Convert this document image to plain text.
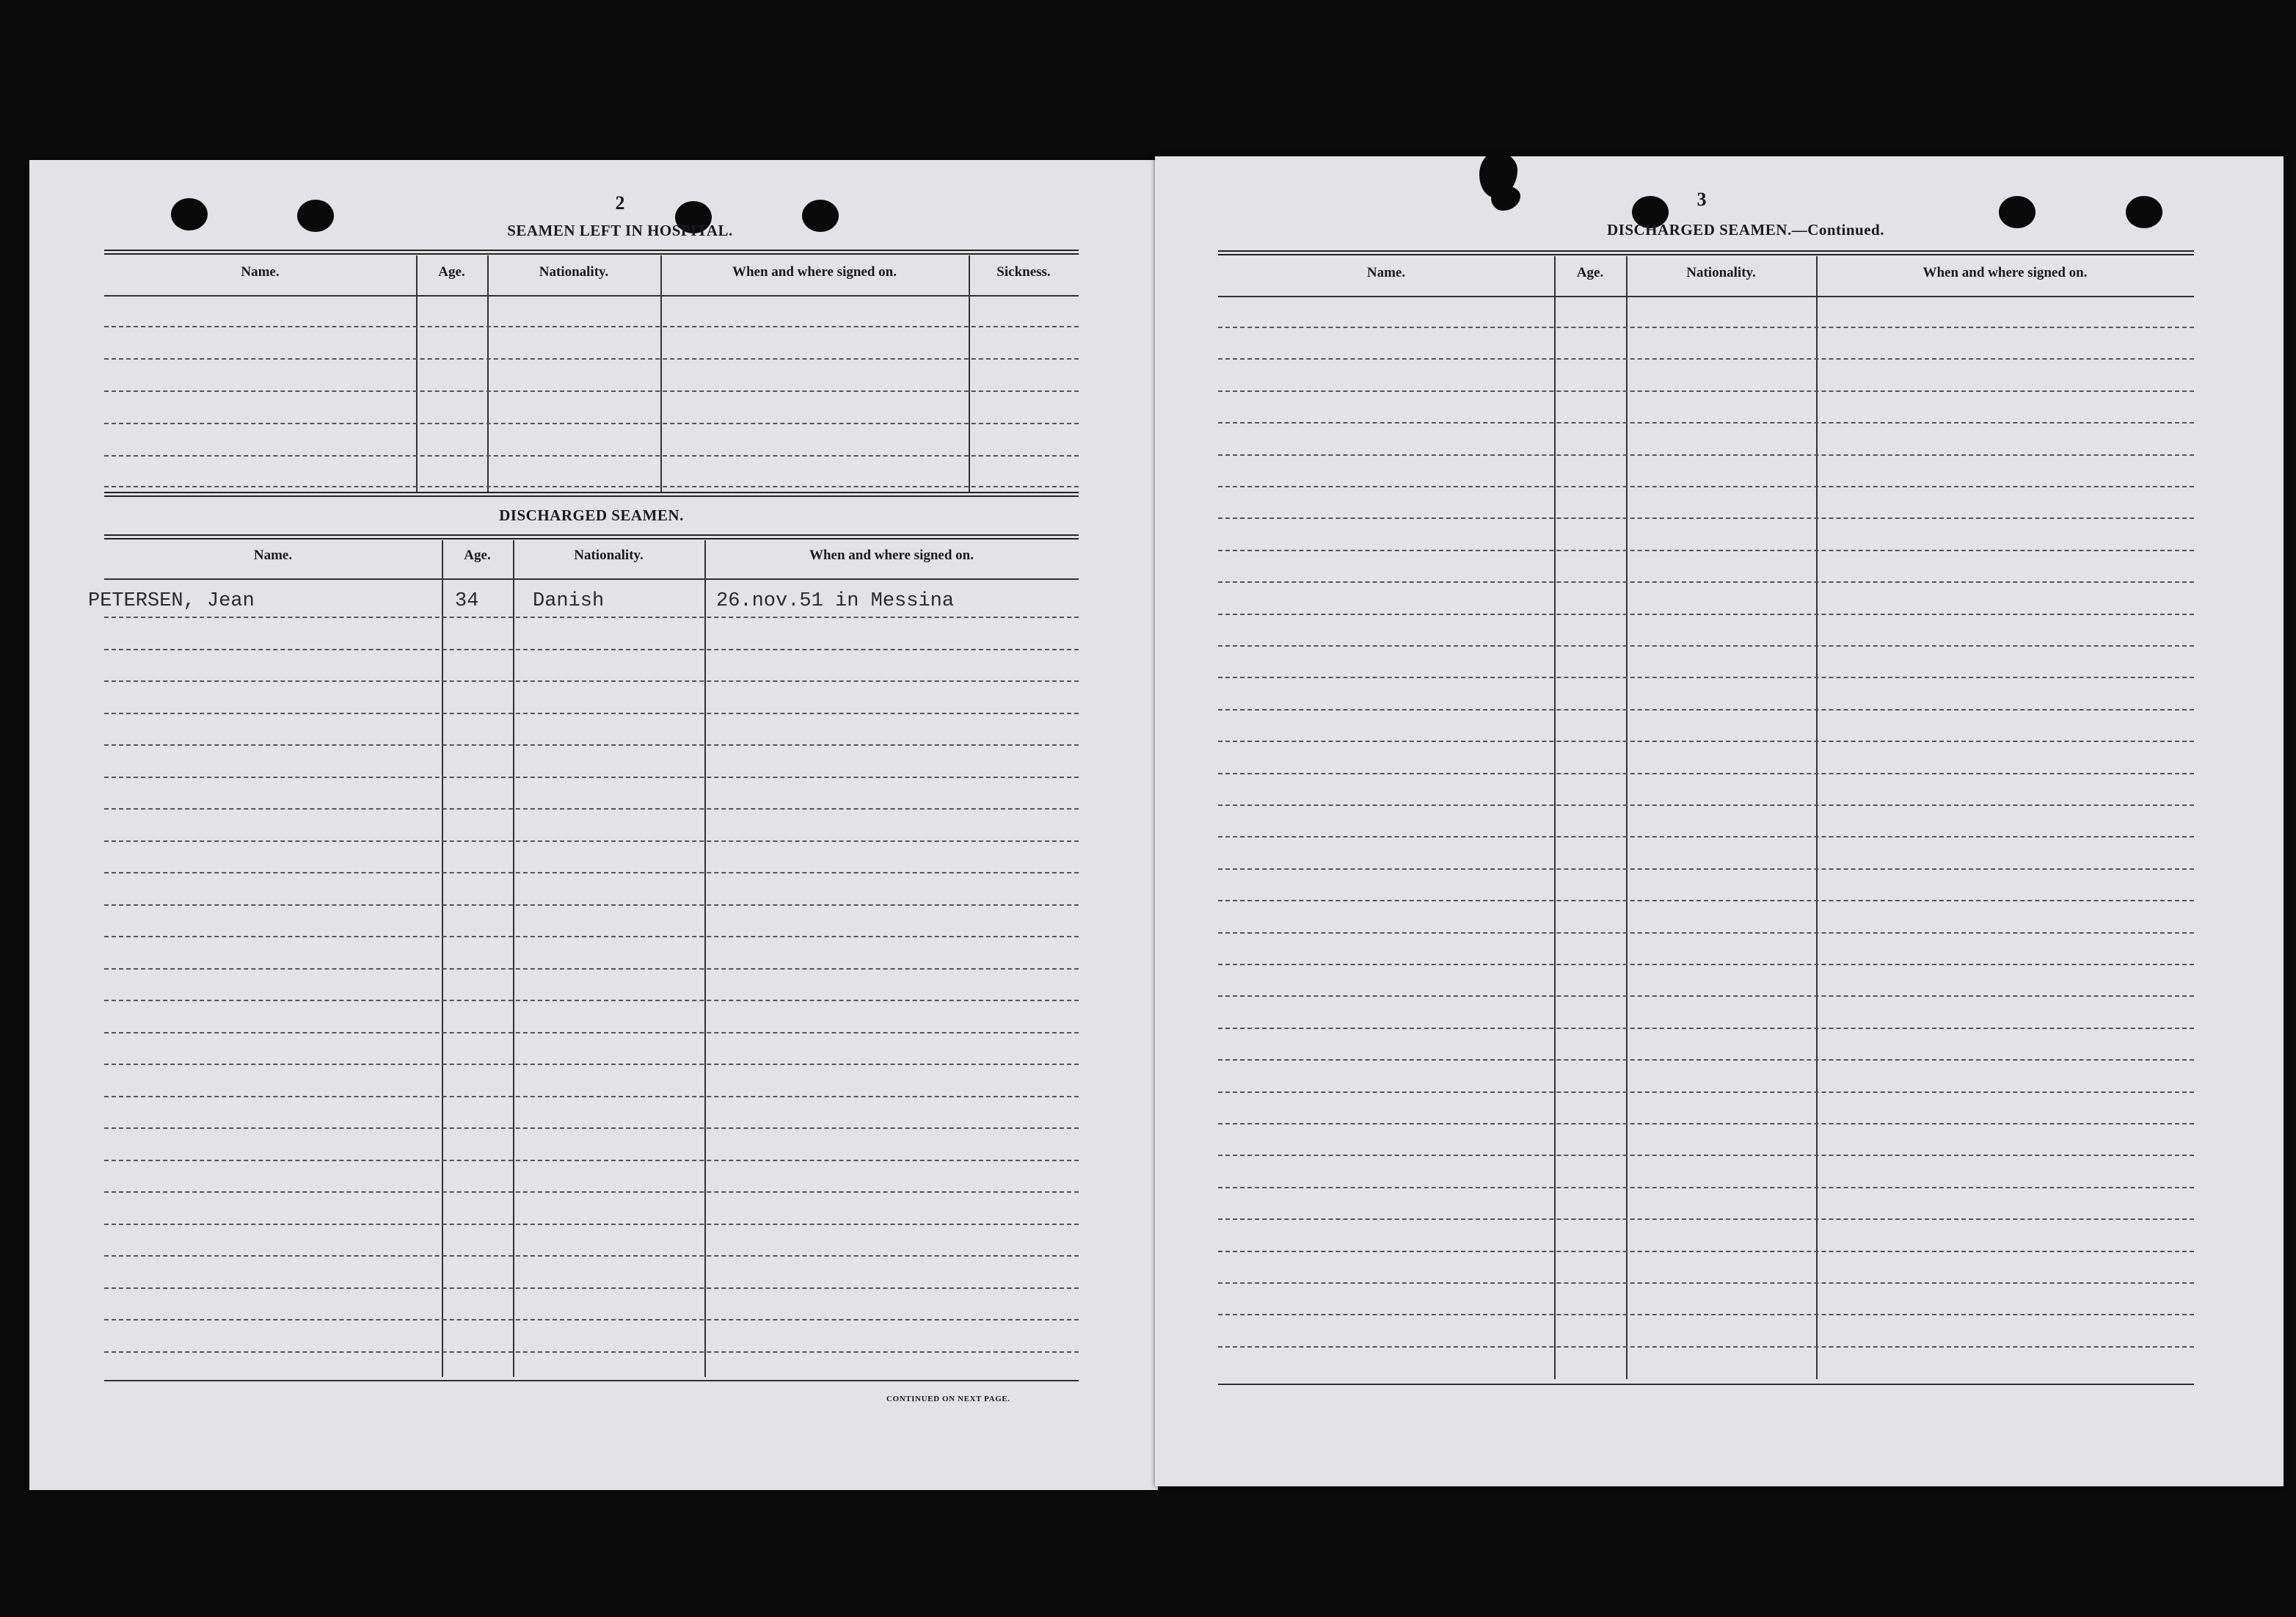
2
SEAMEN LEFT IN HOSPITAL.
Name.	Age.	Nationality.	When and where signed on.	Sickness.
DISCHARGED SEAMEN.
Name.	Age.	Nationality.	When and where signed on.
PETERSEN, Jean	34	Danish	26.nov.51 in Messina
CONTINUED ON NEXT PAGE.
3
DISCHARGED SEAMEN.—Continued.
Name.	Age.	Nationality.	When and where signed on.
